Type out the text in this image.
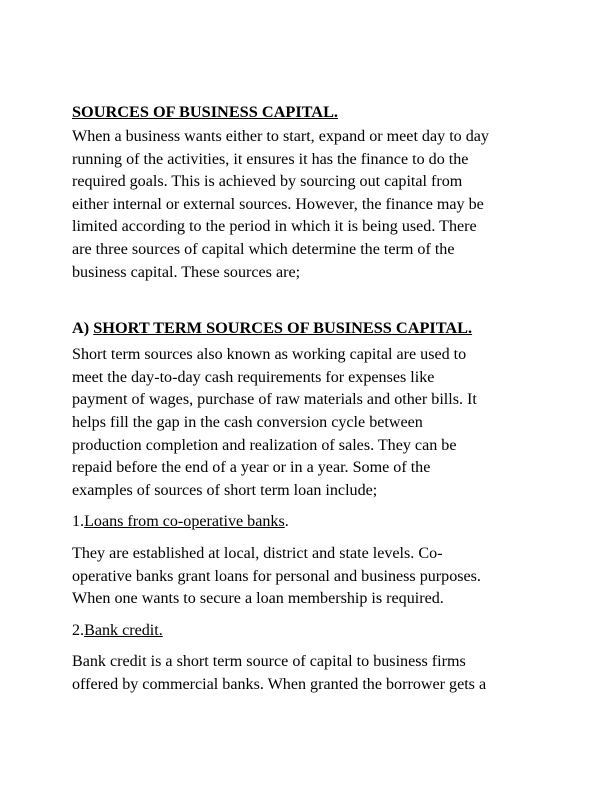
SOURCES OF BUSINESS CAPITAL.

When a business wants either to start, expand or meet day to day
running of the activities, it ensures it has the finance to do the
required goals. This is achieved by sourcing out capital from
either internal or external sources. However, the finance may be
limited according to the period in which it is being used. There
are three sources of capital which determine the term of the
business capital. These sources are;

A) SHORT TERM SOURCES OF BUSINESS CAPITAL.

Short term sources also known as working capital are used to
meet the day-to-day cash requirements for expenses like
payment of wages, purchase of raw materials and other bills. It
helps fill the gap in the cash conversion cycle between
production completion and realization of sales. They can be
repaid before the end of a year or in a year. Some of the
examples of sources of short term loan include;

1.Loans from co-operative banks.

They are established at local, district and state levels. Co-
operative banks grant loans for personal and business purposes.
When one wants to secure a loan membership is required.

2.Bank credit.

Bank credit is a short term source of capital to business firms
offered by commercial banks. When granted the borrower gets a
